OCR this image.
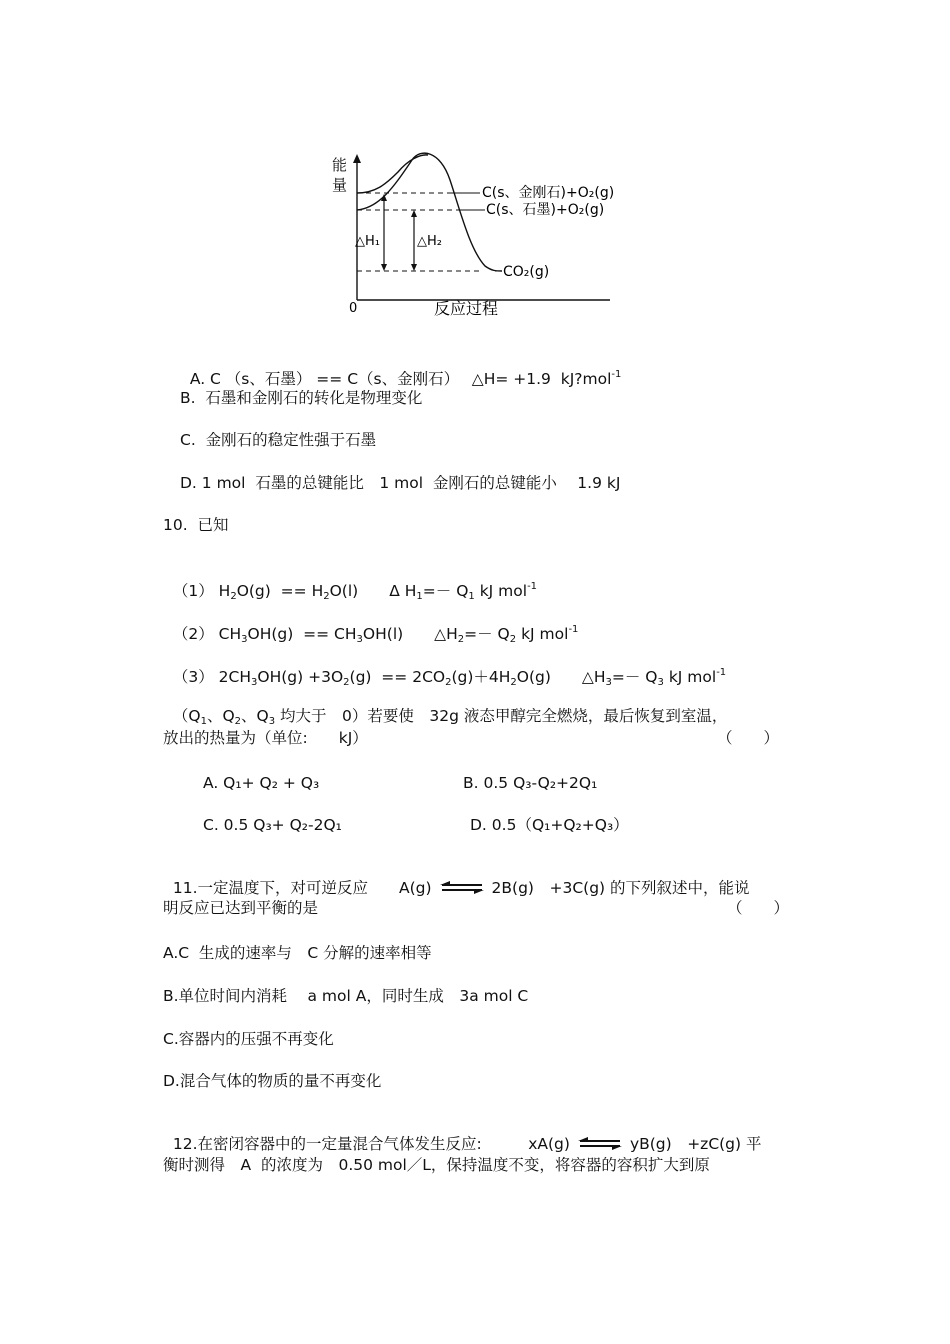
能
量
0	反应过程
△H₁	△H₂
C(s、金刚石)+O₂(g)
C(s、石墨)+O₂(g)
CO₂(g)

A. C （s、石墨） == C（s、金刚石）　 △H= +1.9  kJ?mol$^{-1}$

B.  石墨和金刚石的转化是物理变化
C.  金刚石的稳定性强于石墨
D. 1 mol  石墨的总键能比　1 mol  金刚石的总键能小　 1.9 kJ
10.  已知

（1） $H_2O(g) == H_2O(l)$　　Δ $H_1=- Q_1$ kJ mol$^{-1}$

（2） $CH_3OH(g) == CH_3OH(l)$　　$\triangle H_2=- Q_2$ kJ mol$^{-1}$

（3） $2CH_3OH(g) +3O_2(g) == 2CO_2(g)+4H_2O(g)$　　$\triangle H_3=- Q_3$ kJ mol$^{-1}$

（$Q_1$、$Q_2$、$Q_3$ 均大于　0）若要使　32g 液态甲醇完全燃烧，最后恢复到室温，

放出的热量为（单位:　　kJ）	（　　）
A. Q₁+ Q₂ + Q₃	B. 0.5 Q₃-Q₂+2Q₁
C. 0.5 Q₃+ Q₂-2Q₁	D. 0.5（Q₁+Q₂+Q₃）

11.一定温度下，对可逆反应　　A(g) ⇌ 2B(g)　+3C(g) 的下列叙述中，能说

明反应已达到平衡的是	（　　）
A.C  生成的速率与　C 分解的速率相等
B.单位时间内消耗　 a mol A，同时生成　3a mol C
C.容器内的压强不再变化
D.混合气体的物质的量不再变化

12.在密闭容器中的一定量混合气体发生反应:　　　xA(g) ⇌ yB(g)　+zC(g) 平

衡时测得　A  的浓度为　0.50 mol／L，保持温度不变，将容器的容积扩大到原
